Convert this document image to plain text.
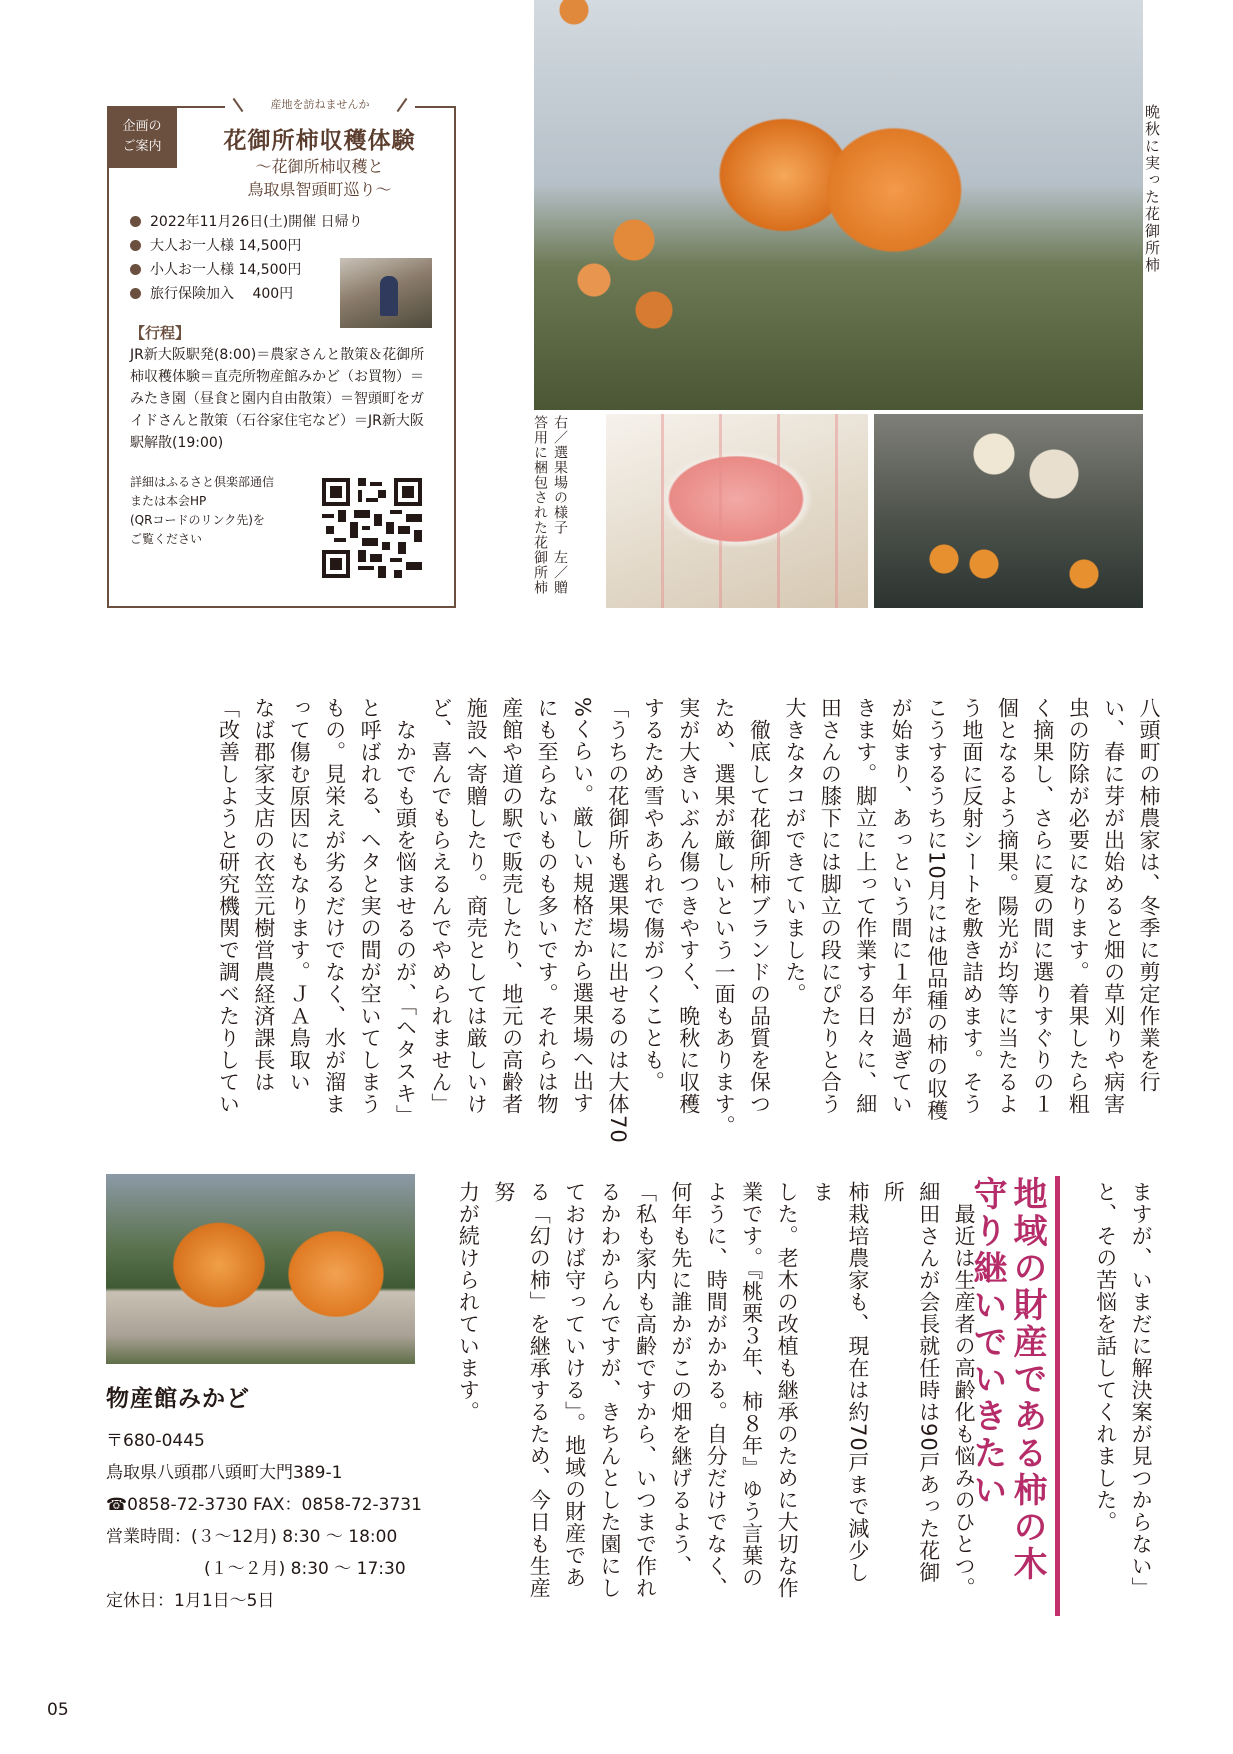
産地を訪ねませんか
企画の
ご案内	花御所柿収穫体験
～花御所柿収穫と
鳥取県智頭町巡り～
2022年11月26日(土)開催 日帰り
大人お一人様 14,500円
小人お一人様 14,500円
旅行保険加入　 400円
【行程】
JR新大阪駅発(8:00)＝農家さんと散策＆花御所柿収穫体験＝直売所物産館みかど（お買物）＝みたき園（昼食と園内自由散策）＝智頭町をガイドさんと散策（石谷家住宅など）＝JR新大阪駅解散(19:00)
詳細はふるさと倶楽部通信
または本会HP
(QRコードのリンク先)を
ご覧ください
晩秋に実った花御所柿
右／選果場の様子　左／贈答用に梱包された花御所柿
八頭町の柿農家は、冬季に剪定作業を行
い、春に芽が出始めると畑の草刈りや病害
虫の防除が必要になります。着果したら粗
く摘果し、さらに夏の間に選りすぐりの１
個となるよう摘果。陽光が均等に当たるよ
う地面に反射シートを敷き詰めます。そう
こうするうちに10月には他品種の柿の収穫
が始まり、あっという間に１年が過ぎてい
きます。脚立に上って作業する日々に、細
田さんの膝下には脚立の段にぴたりと合う
大きなタコができていました。
　徹底して花御所柿ブランドの品質を保つ
ため、選果が厳しいという一面もあります。
実が大きいぶん傷つきやすく、晩秋に収穫
するため雪やあられで傷がつくことも。
「うちの花御所も選果場に出せるのは大体70
%くらい。厳しい規格だから選果場へ出す
にも至らないものも多いです。それらは物
産館や道の駅で販売したり、地元の高齢者
施設へ寄贈したり。商売としては厳しいけ
ど、喜んでもらえるんでやめられません」
　なかでも頭を悩ませるのが、「ヘタスキ」
と呼ばれる、ヘタと実の間が空いてしまう
もの。見栄えが劣るだけでなく、水が溜ま
って傷む原因にもなります。ＪＡ鳥取い
なば郡家支店の衣笠元樹営農経済課長は
「改善しようと研究機関で調べたりしてい
地域の財産である柿の木
守り継いでいきたい	ますが、いまだに解決案が見つからない」
と、その苦悩を話してくれました。

　最近は生産者の高齢化も悩みのひとつ。
細田さんが会長就任時は90戸あった花御所
柿栽培農家も、現在は約70戸まで減少しま
した。老木の改植も継承のために大切な作
業です。『桃栗３年、柿８年』ゆう言葉の
ように、時間がかかる。自分だけでなく、
何年も先に誰かがこの畑を継げるよう、
「私も家内も高齢ですから、いつまで作れ
るかわからんですが、きちんとした園にし
ておけば守っていける」。地域の財産であ
る「幻の柿」を継承するため、今日も生産努
力が続けられています。
物産館みかど
〒680-0445
鳥取県八頭郡八頭町大門389-1
☎0858-72-3730 FAX：0858-72-3731
営業時間：(３～12月) 8:30 ～ 18:00
(１～２月) 8:30 ～ 17:30
定休日：1月1日～5日
05
